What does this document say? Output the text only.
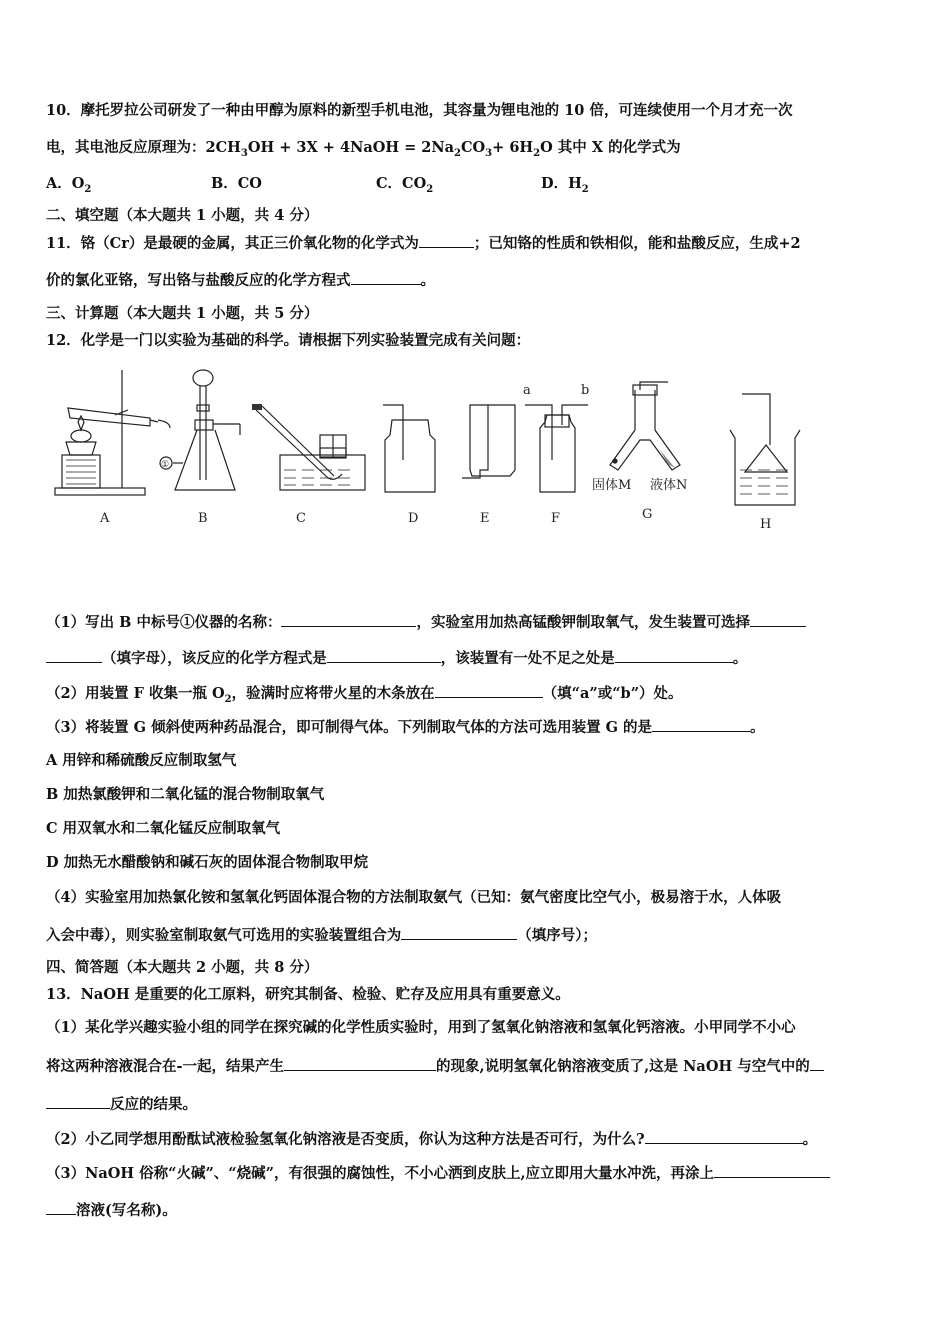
10．摩托罗拉公司研发了一种由甲醇为原料的新型手机电池，其容量为锂电池的 10 倍，可连续使用一个月才充一次
电，其电池反应原理为：$2CH_3OH + 3X$ + 4NaOH = $2Na_2CO_3+ 6H_2O$ 其中 X 的化学式为
A．$O_2$	B．CO	C．$CO_2$	D．$H_2$
二、填空题（本大题共 1 小题，共 4 分）
11．铬（Cr）是最硬的金属，其正三价氧化物的化学式为	；已知铬的性质和铁相似，能和盐酸反应，生成+2
价的氯化亚铬，写出铬与盐酸反应的化学方程式	。
三、计算题（本大题共 1 小题，共 5 分）
12．化学是一门以实验为基础的科学。请根据下列实验装置完成有关问题：
A
①
B	C	D	E
a	b
F
固体M 液体N
G
H
（1）写出 B 中标号①仪器的名称：	，实验室用加热高锰酸钾制取氧气，发生装置可选择
（填字母），该反应的化学方程式是	，该装置有一处不足之处是	。
（2）用装置 F 收集一瓶 $O_2$，验满时应将带火星的木条放在	（填“a”或“b”）处。
（3）将装置 G 倾斜使两种药品混合，即可制得气体。下列制取气体的方法可选用装置 G 的是	。
A 用锌和稀硫酸反应制取氢气
B 加热氯酸钾和二氧化锰的混合物制取氧气
C 用双氧水和二氧化锰反应制取氧气
D 加热无水醋酸钠和碱石灰的固体混合物制取甲烷
（4）实验室用加热氯化铵和氢氧化钙固体混合物的方法制取氨气（已知：氨气密度比空气小，极易溶于水，人体吸
入会中毒），则实验室制取氨气可选用的实验装置组合为	（填序号）；
四、简答题（本大题共 2 小题，共 8 分）
13．NaOH 是重要的化工原料，研究其制备、检验、贮存及应用具有重要意义。
（1）某化学兴趣实验小组的同学在探究碱的化学性质实验时，用到了氢氧化钠溶液和氢氧化钙溶液。小甲同学不小心
将这两种溶液混合在-一起，结果产生	的现象,说明氢氧化钠溶液变质了,这是 NaOH 与空气中的
反应的结果。
（2）小乙同学想用酚酞试液检验氢氧化钠溶液是否变质，你认为这种方法是否可行，为什么?	。
（3）NaOH 俗称“火碱”、“烧碱”，有很强的腐蚀性，不小心洒到皮肤上,应立即用大量水冲洗，再涂上
溶液(写名称)。
